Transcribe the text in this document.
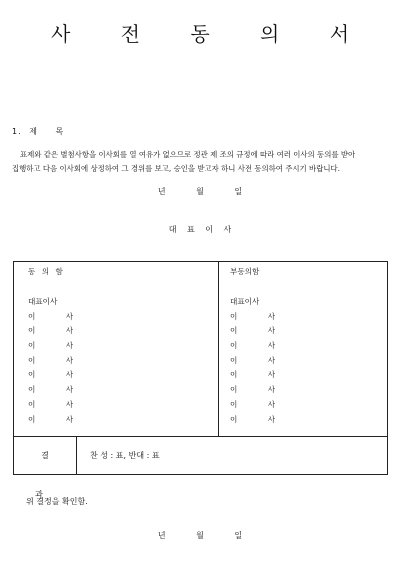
사 전 동 의 서
1. 제 목

표제와 같은 별첨사항을 이사회를 열 여유가 없으므로 정관 제 조의 규정에 따라 여러 이사의 동의를 받아

집행하고 다음 이사회에 상정하여 그 경위를 보고, 승인을 받고자 하니 사전 동의하여 주시기 바랍니다.

년 월 일
대 표 이 사
동 의 함
대표이사
이 사
이 사
이 사
이 사
이 사
이 사
이 사
이 사
부동의함
대표이사
이 사
이 사
이 사
이 사
이 사
이 사
이 사
이 사
결 과
찬 성 : 표, 반대 : 표
위 결정을 확인함.
년 월 일
